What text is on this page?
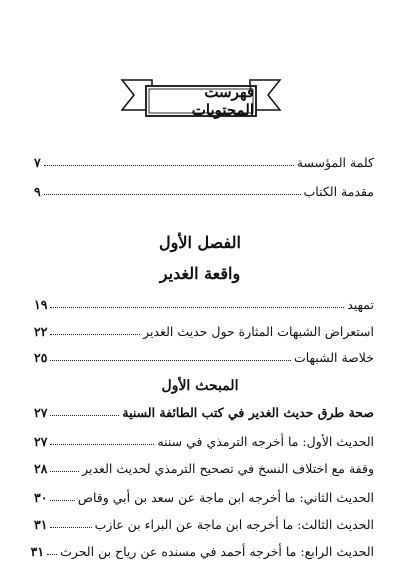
فهرست المحتويات
كلمة المؤسسة
٧
مقدمة الكتاب
٩
الفصل الأول
واقعة الغدير
تمهيد
١٩
استعراض الشبهات المثارة حول حديث الغدير
٢٢
خلاصة الشبهات
٢٥
المبحث الأول
صحة طرق حديث الغدير في كتب الطائفة السنية
٢٧
الحديث الأول: ما أخرجه الترمذي في سننه
٢٧
وقفة مع اختلاف النسخ في تصحيح الترمذي لحديث الغدير
٢٨
الحديث الثاني: ما أخرجه ابن ماجة عن سعد بن أبي وقاص
٣٠
الحديث الثالث: ما أخرجه ابن ماجة عن البراء بن عازب
٣١
الحديث الرابع: ما أخرجه أحمد في مسنده عن رياح بن الحرث
٣١
